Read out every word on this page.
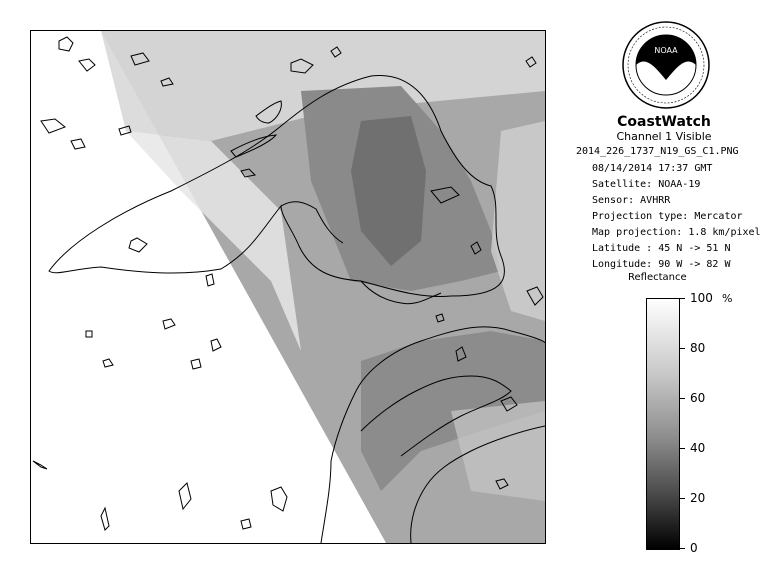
NOAA
CoastWatch
Channel 1 Visible
2014_226_1737_N19_GS_C1.PNG
08/14/2014 17:37 GMT
Satellite: NOAA-19
Sensor: AVHRR
Projection type: Mercator
Map projection: 1.8 km/pixel
Latitude : 45 N -> 51 N
Longitude: 90 W -> 82 W
Reflectance
%
100
80
60
40
20
0
